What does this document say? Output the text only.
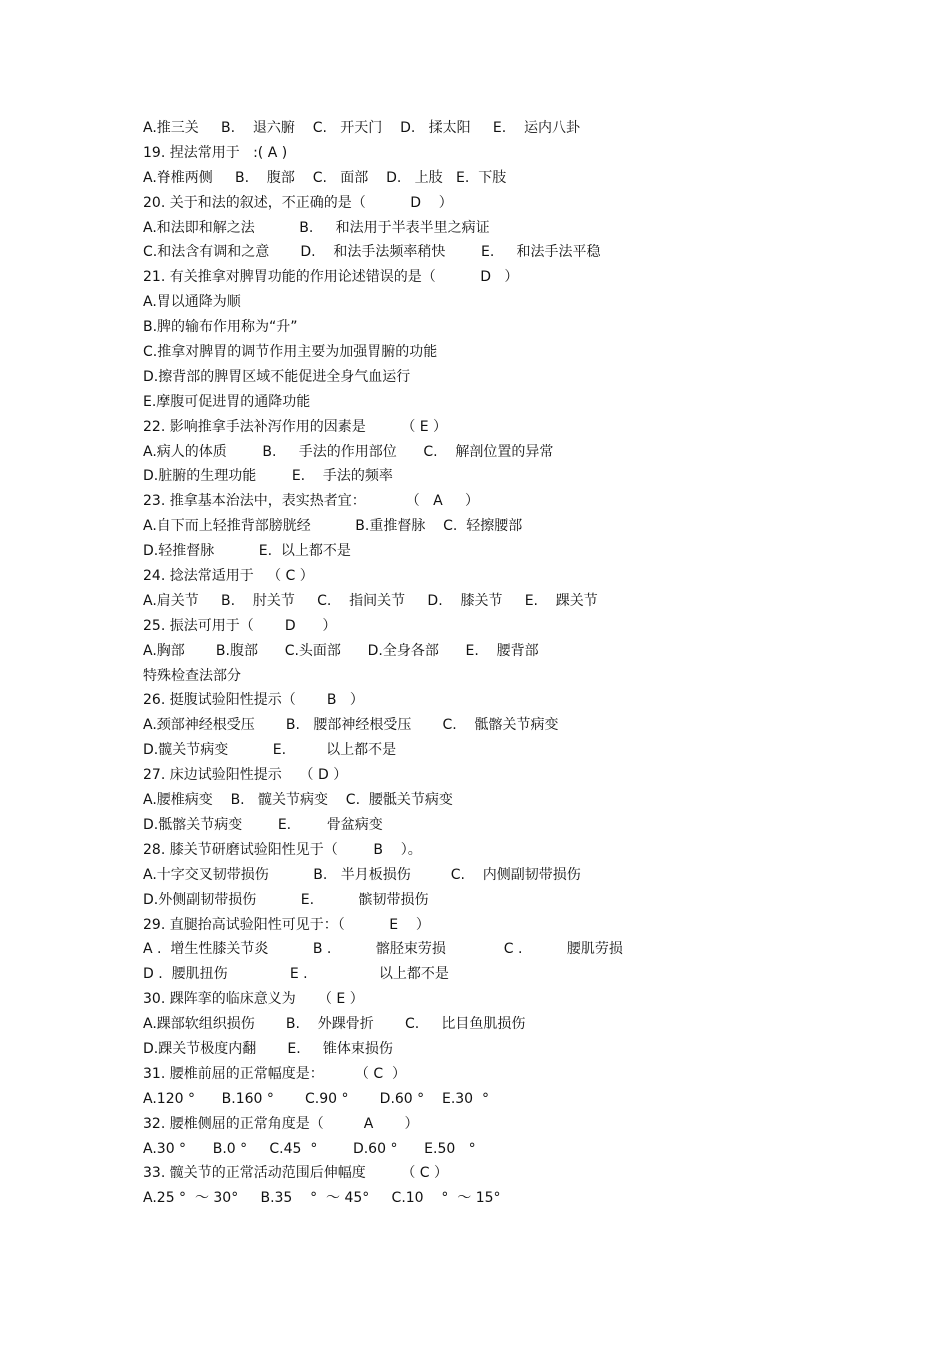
A.推三关     B.    退六腑    C.   开天门    D.   揉太阳     E.    运内八卦
19. 捏法常用于   :( A )
A.脊椎两侧     B.    腹部    C.   面部    D.   上肢   E.  下肢
20. 关于和法的叙述，不正确的是（          D    ）
A.和法即和解之法          B.     和法用于半表半里之病证
C.和法含有调和之意       D.    和法手法频率稍快        E.     和法手法平稳
21. 有关推拿对脾胃功能的作用论述错误的是（          D   ）
A.胃以通降为顺
B.脾的输布作用称为“升”
C.推拿对脾胃的调节作用主要为加强胃腑的功能
D.擦背部的脾胃区域不能促进全身气血运行
E.摩腹可促进胃的通降功能
22. 影响推拿手法补泻作用的因素是        （ E ）
A.病人的体质        B.     手法的作用部位      C.    解剖位置的异常
D.脏腑的生理功能        E.    手法的频率
23. 推拿基本治法中，表实热者宜：         （   A     ）
A.自下而上轻推背部膀胱经          B.重推督脉    C.  轻擦腰部
D.轻推督脉          E.  以上都不是
24. 捻法常适用于   （ C ）
A.肩关节     B.    肘关节     C.    指间关节     D.    膝关节     E.    踝关节
25. 振法可用于（       D      ）
A.胸部       B.腹部      C.头面部      D.全身各部      E.    腰背部
特殊检查法部分
26. 挺腹试验阳性提示（       B   ）
A.颈部神经根受压       B.   腰部神经根受压       C.    骶髂关节病变
D.髋关节病变          E.         以上都不是
27. 床边试验阳性提示    （ D ）
A.腰椎病变    B.   髋关节病变    C.  腰骶关节病变
D.骶髂关节病变        E.        骨盆病变
28. 膝关节研磨试验阳性见于（        B    ）。
A.十字交叉韧带损伤          B.   半月板损伤         C.    内侧副韧带损伤
D.外侧副韧带损伤          E.          髌韧带损伤
29. 直腿抬高试验阳性可见于：（          E    ）
A .  增生性膝关节炎          B .          髂胫束劳损             C .          腰肌劳损
D .  腰肌扭伤              E .                以上都不是
30. 踝阵挛的临床意义为     （ E ）
A.踝部软组织损伤       B.    外踝骨折       C.     比目鱼肌损伤
D.踝关节极度内翻       E.     锥体束损伤
31. 腰椎前屈的正常幅度是：       （ C  ）
A.120 °      B.160 °       C.90 °       D.60 °    E.30  °
32. 腰椎侧屈的正常角度是（         A       ）
A.30 °      B.0 °     C.45  °        D.60 °      E.50   °
33. 髋关节的正常活动范围后伸幅度        （ C ）
A.25 °  ～ 30°     B.35    °  ～ 45°     C.10    °  ～ 15°
